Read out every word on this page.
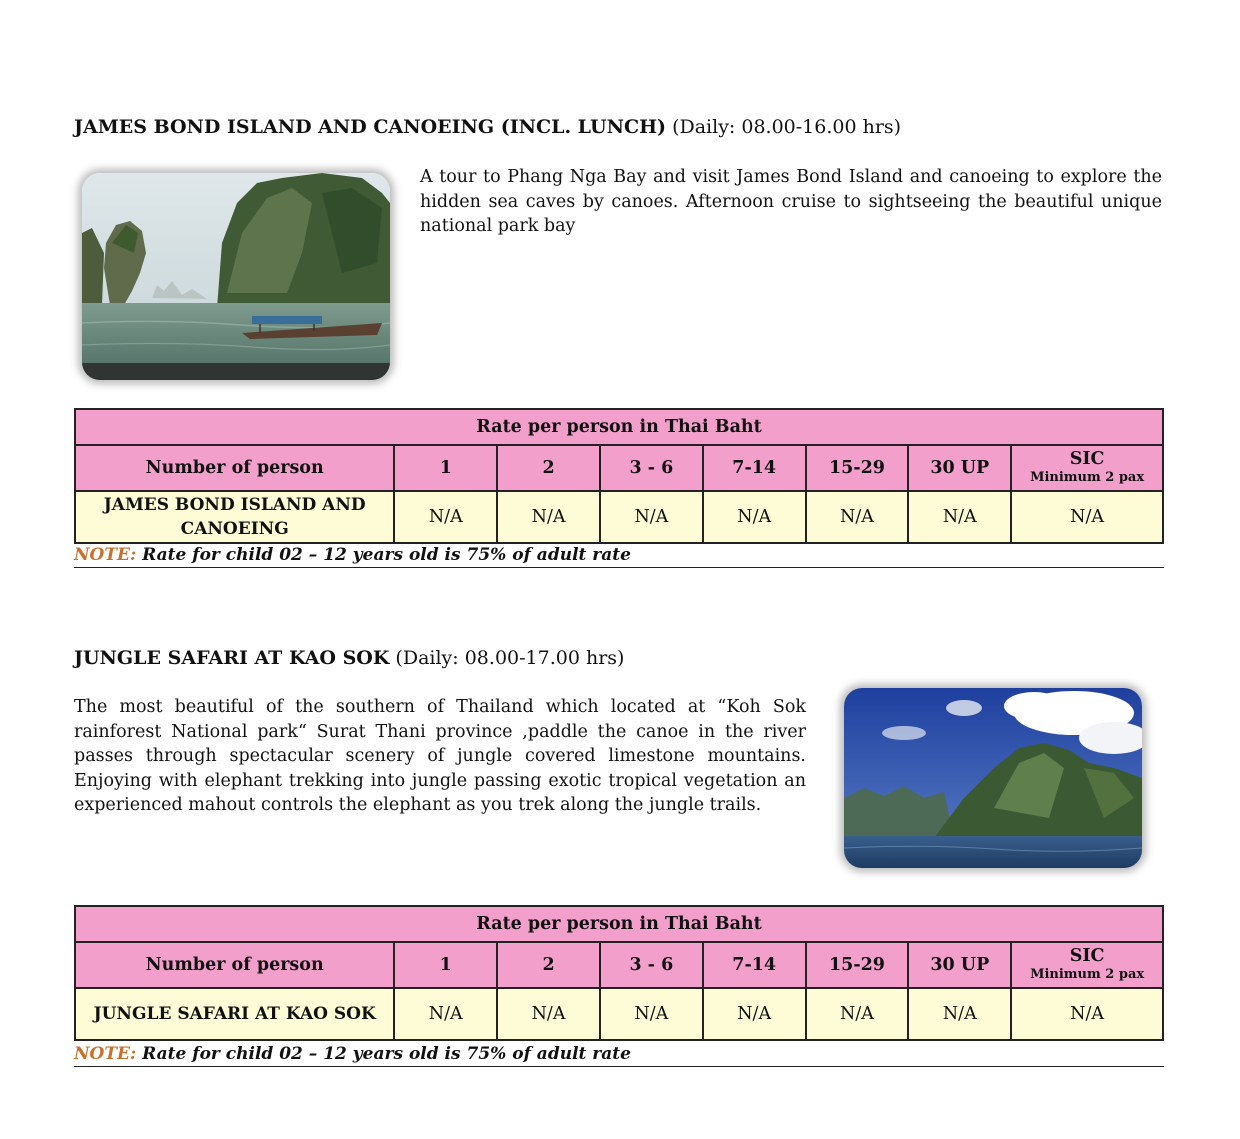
JAMES BOND ISLAND AND CANOEING (INCL. LUNCH) (Daily: 08.00-16.00 hrs)
A tour to Phang Nga Bay and visit James Bond Island and canoeing to explore the hidden sea caves by canoes. Afternoon cruise to sightseeing the beautiful unique national park bay
Rate per person in Thai Baht							
Number of person	1	2	3 - 6	7-14	15-29	30 UP	SIC
Minimum 2 pax

JAMES BOND ISLAND AND CANOEING	N/A	N/A	N/A	N/A	N/A	N/A	N/A
NOTE: Rate for child 02 – 12 years old is 75% of adult rate
JUNGLE SAFARI AT KAO SOK (Daily: 08.00-17.00 hrs)
The most beautiful of the southern of Thailand which located at “Koh Sok rainforest National park“ Surat Thani province ,paddle the canoe in the river passes through spectacular scenery of jungle covered limestone mountains. Enjoying with elephant trekking into jungle passing exotic tropical vegetation an experienced mahout controls the elephant as you trek along the jungle trails.
Rate per person in Thai Baht							
Number of person	1	2	3 - 6	7-14	15-29	30 UP	SIC
Minimum 2 pax

JUNGLE SAFARI AT KAO SOK	N/A	N/A	N/A	N/A	N/A	N/A	N/A
NOTE: Rate for child 02 – 12 years old is 75% of adult rate
